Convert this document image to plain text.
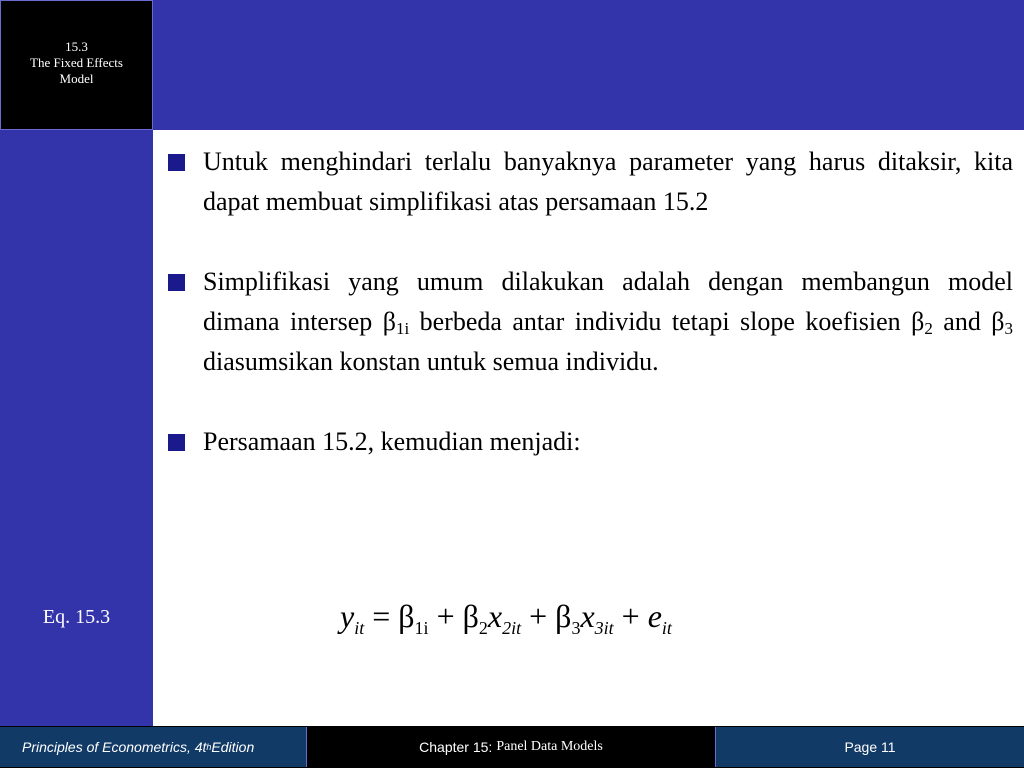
Eq. 15.3
15.3
The Fixed Effects
Model
Untuk menghindari terlalu banyaknya parameter yang harus ditaksir, kita dapat membuat simplifikasi atas persamaan 15.2
Simplifikasi yang umum dilakukan adalah dengan membangun model dimana intersep $\beta_{1i}$ berbeda antar individu tetapi slope koefisien $\beta_2$ and $\beta_3$ diasumsikan konstan untuk semua individu.
Persamaan 15.2, kemudian menjadi:
$y_{it} = \beta_{1i} + \beta_2x_{2it} + \beta_3x_{3it} + e_{it}$
Principles of Econometrics, 4t h Edition	Chapter 15: Panel Data Models	Page 11
